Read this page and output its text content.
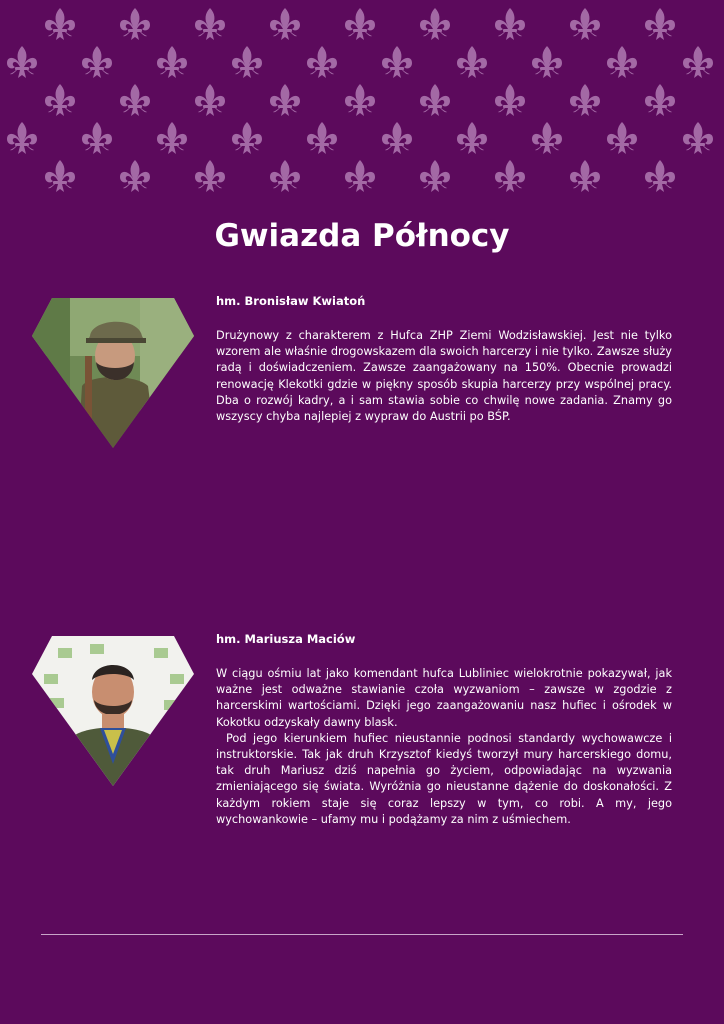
Gwiazda Północy
hm. Bronisław Kwiatoń

Drużynowy z charakterem z Hufca ZHP Ziemi Wodzisławskiej. Jest nie tylko wzorem ale właśnie drogowskazem dla swoich harcerzy i nie tylko. Zawsze służy radą i doświadczeniem. Zawsze zaangażowany na 150%. Obecnie prowadzi renowację Klekotki gdzie w piękny sposób skupia harcerzy przy wspólnej pracy. Dba o rozwój kadry, a i sam stawia sobie co chwilę nowe zadania. Znamy go wszyscy chyba najlepiej z wypraw do Austrii po BŚP.

hm. Mariusza Maciów

W ciągu ośmiu lat jako komendant hufca Lubliniec wielokrotnie pokazywał, jak ważne jest odważne stawianie czoła wyzwaniom – zawsze w zgodzie z harcerskimi wartościami. Dzięki jego zaangażowaniu nasz hufiec i ośrodek w Kokotku odzyskały dawny blask.

Pod jego kierunkiem hufiec nieustannie podnosi standardy wychowawcze i instruktorskie. Tak jak druh Krzysztof kiedyś tworzył mury harcerskiego domu, tak druh Mariusz dziś napełnia go życiem, odpowiadając na wyzwania zmieniającego się świata. Wyróżnia go nieustanne dążenie do doskonałości. Z każdym rokiem staje się coraz lepszy w tym, co robi. A my, jego wychowankowie – ufamy mu i podążamy za nim z uśmiechem.
